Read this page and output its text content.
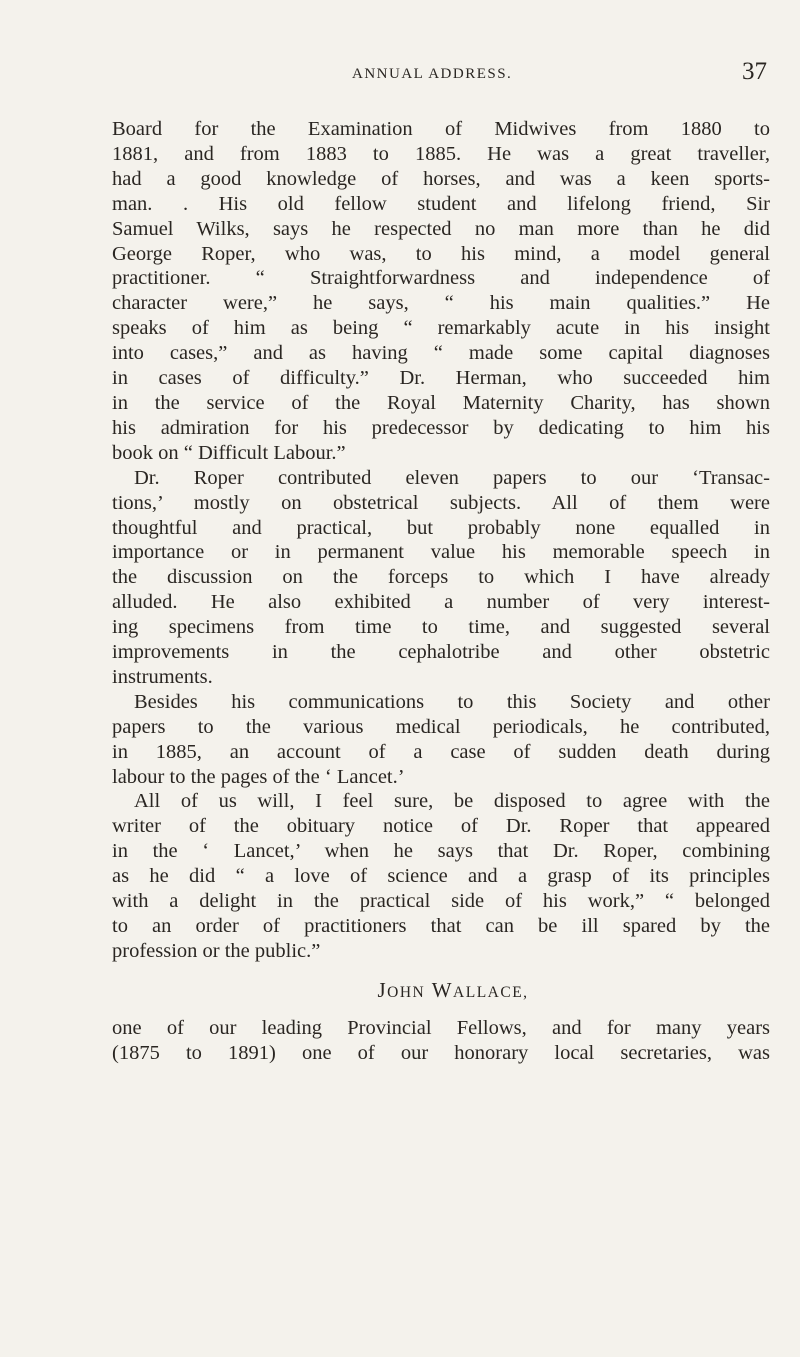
ANNUAL ADDRESS.	37
Board for the Examination of Midwives from 1880 to
1881, and from 1883 to 1885. He was a great traveller,
had a good knowledge of horses, and was a keen sports-
man. . His old fellow student and lifelong friend, Sir
Samuel Wilks, says he respected no man more than he did
George Roper, who was, to his mind, a model general
practitioner. “ Straightforwardness and independence of
character were,” he says, “ his main qualities.” He
speaks of him as being “ remarkably acute in his insight
into cases,” and as having “ made some capital diagnoses
in cases of difficulty.” Dr. Herman, who succeeded him
in the service of the Royal Maternity Charity, has shown
his admiration for his predecessor by dedicating to him his
book on “ Difficult Labour.”
Dr. Roper contributed eleven papers to our ‘Transac-
tions,’ mostly on obstetrical subjects. All of them were
thoughtful and practical, but probably none equalled in
importance or in permanent value his memorable speech in
the discussion on the forceps to which I have already
alluded. He also exhibited a number of very interest-
ing specimens from time to time, and suggested several
improvements in the cephalotribe and other obstetric
instruments.
Besides his communications to this Society and other
papers to the various medical periodicals, he contributed,
in 1885, an account of a case of sudden death during
labour to the pages of the ‘ Lancet.’
All of us will, I feel sure, be disposed to agree with the
writer of the obituary notice of Dr. Roper that appeared
in the ‘ Lancet,’ when he says that Dr. Roper, combining
as he did “ a love of science and a grasp of its principles
with a delight in the practical side of his work,” “ belonged
to an order of practitioners that can be ill spared by the
profession or the public.”
JOHN WALLACE,
one of our leading Provincial Fellows, and for many years
(1875 to 1891) one of our honorary local secretaries, was
